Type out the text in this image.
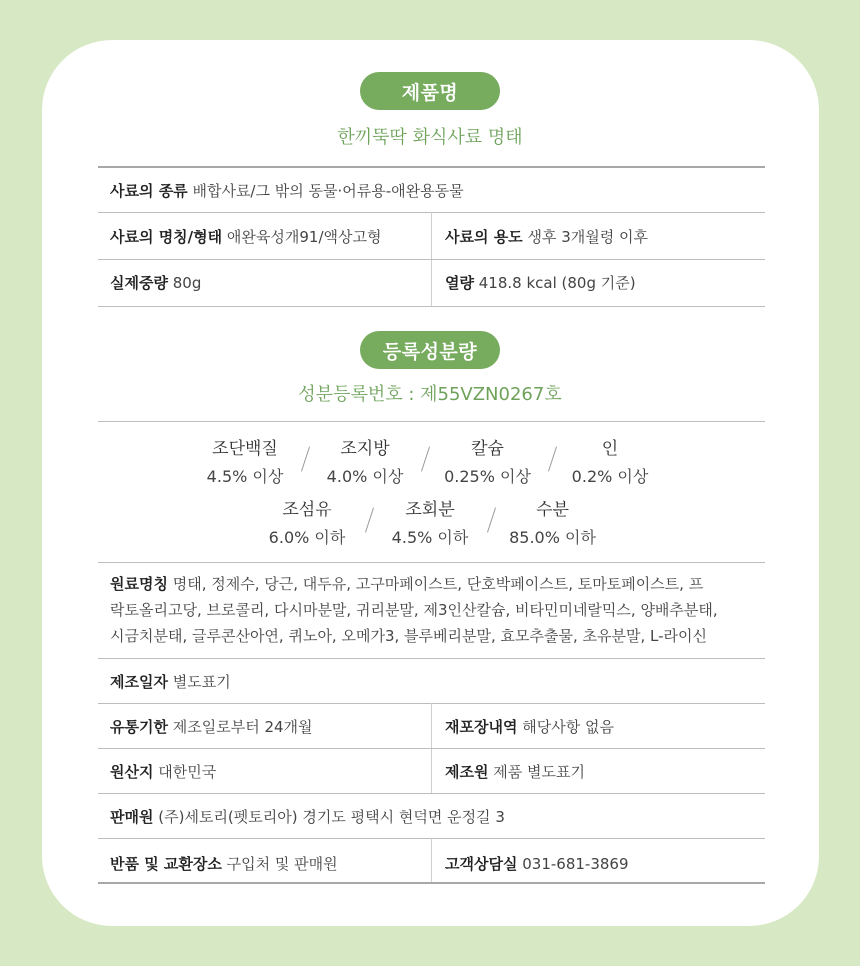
제품명
한끼뚝딱 화식사료 명태
사료의 종류 배합사료/그 밖의 동물·어류용-애완용동물
사료의 명칭/형태 애완육성개91/액상고형	사료의 용도 생후 3개월령 이후
실제중량 80g	열량 418.8 kcal (80g 기준)
등록성분량
성분등록번호 : 제55VZN0267호
조단백질
4.5% 이상
조지방
4.0% 이상
칼슘
0.25% 이상
인
0.2% 이상
조섬유
6.0% 이하
조회분
4.5% 이하
수분
85.0% 이하
원료명칭 명태, 정제수, 당근, 대두유, 고구마페이스트, 단호박페이스트, 토마토페이스트, 프
락토올리고당, 브로콜리, 다시마분말, 귀리분말, 제3인산칼슘, 비타민미네랄믹스, 양배추분태,
시금치분태, 글루콘산아연, 퀴노아, 오메가3, 블루베리분말, 효모추출물, 초유분말, L-라이신
제조일자 별도표기
유통기한 제조일로부터 24개월	재포장내역 해당사항 없음
원산지 대한민국	제조원 제품 별도표기
판매원 (주)세토리(펫토리아) 경기도 평택시 현덕면 운정길 3
반품 및 교환장소 구입처 및 판매원	고객상담실 031-681-3869
